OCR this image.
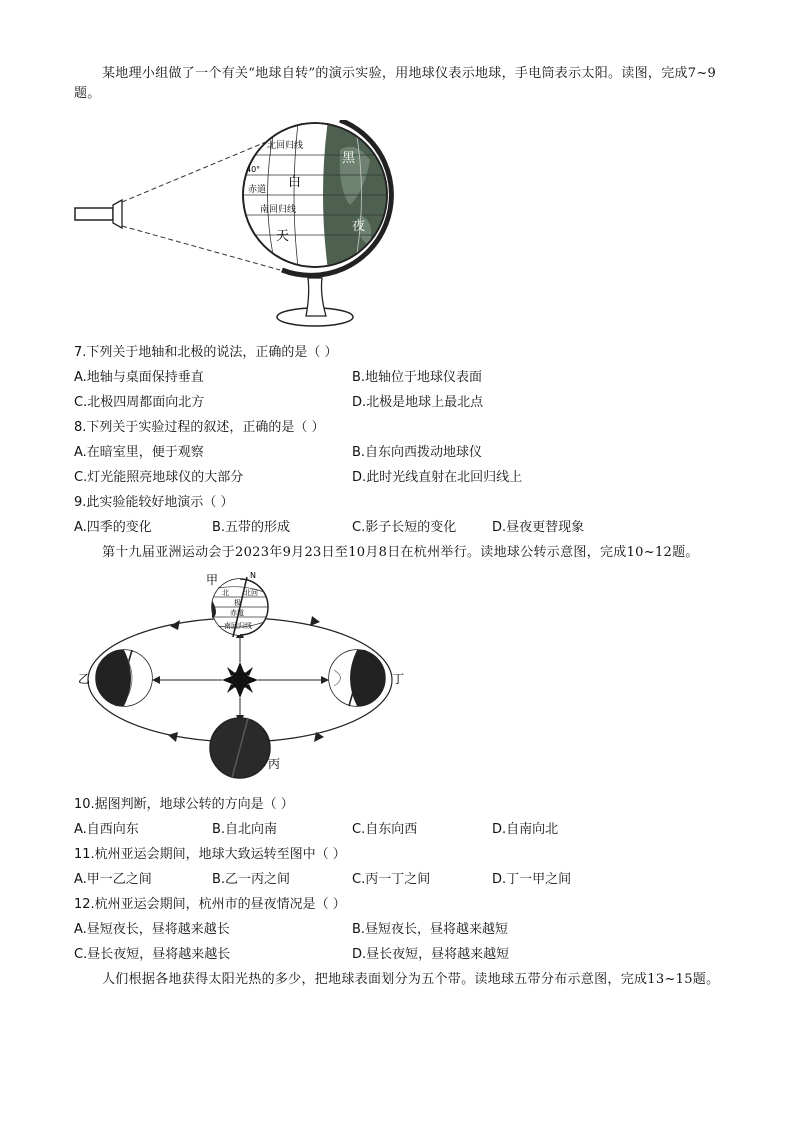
某地理小组做了一个有关“地球自转”的演示实验，用地球仪表示地球，手电筒表示太阳。读图，完成7~9题。

北回归线
40°
白
赤道
南回归线
天
黑
夜

7.下列关于地轴和北极的说法，正确的是（ ）

A.地轴与桌面保持垂直	B.地轴位于地球仪表面
C.北极四周都面向北方	D.北极是地球上最北点

8.下列关于实验过程的叙述，正确的是（ ）

A.在暗室里，便于观察	B.自东向西拨动地球仪
C.灯光能照亮地球仪的大部分	D.此时光线直射在北回归线上

9.此实验能较好地演示（ ）

A.四季的变化	B.五带的形成	C.影子长短的变化	D.昼夜更替现象

第十九届亚洲运动会于2023年9月23日至10月8日在杭州举行。读地球公转示意图，完成10~12题。

甲	N
北 北回
极
赤道
南回归线
乙	丁
丙

10.据图判断，地球公转的方向是（ ）

A.自西向东	B.自北向南	C.自东向西	D.自南向北

11.杭州亚运会期间，地球大致运转至图中（ ）

A.甲一乙之间	B.乙一丙之间	C.丙一丁之间	D.丁一甲之间

12.杭州亚运会期间，杭州市的昼夜情况是（ ）

A.昼短夜长，昼将越来越长	B.昼短夜长，昼将越来越短
C.昼长夜短，昼将越来越长	D.昼长夜短，昼将越来越短

人们根据各地获得太阳光热的多少，把地球表面划分为五个带。读地球五带分布示意图，完成13~15题。
